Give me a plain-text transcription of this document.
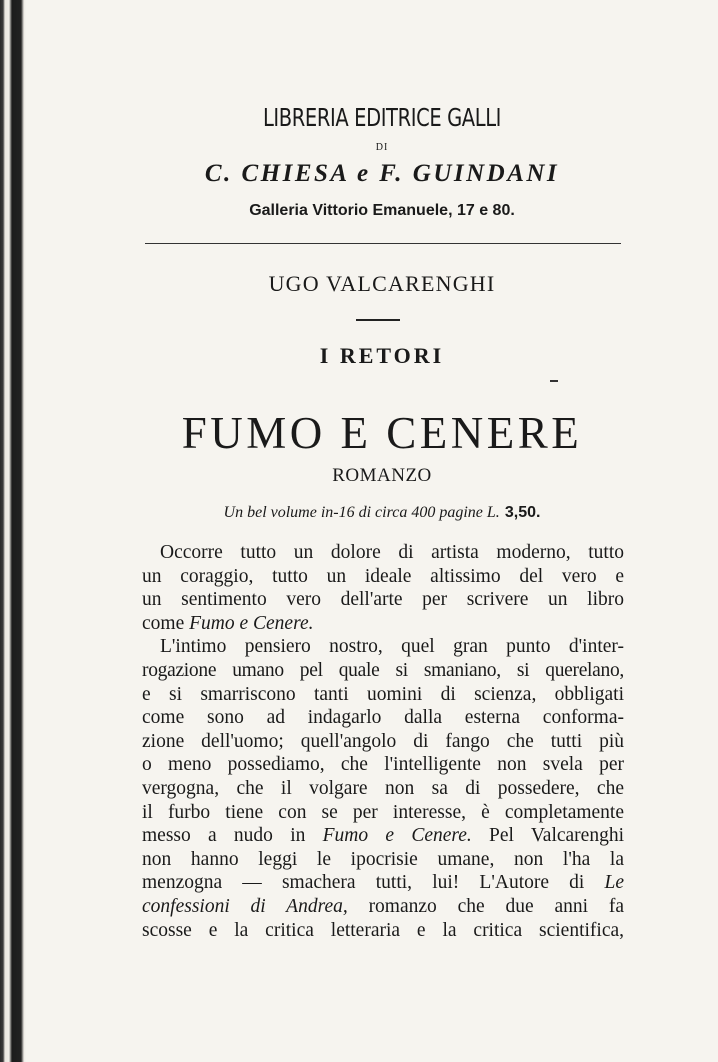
LIBRERIA EDITRICE GALLI
DI
C. CHIESA e F. GUINDANI
Galleria Vittorio Emanuele, 17 e 80.
UGO VALCARENGHI
I RETORI
FUMO E CENERE
ROMANZO
Un bel volume in-16 di circa 400 pagine L. 3,50.
Occorre tutto un dolore di artista moderno, tutto
un coraggio, tutto un ideale altissimo del vero e
un sentimento vero dell'arte per scrivere un libro
come Fumo e Cenere.
L'intimo pensiero nostro, quel gran punto d'inter-
rogazione umano pel quale si smaniano, si querelano,
e si smarriscono tanti uomini di scienza, obbligati
come sono ad indagarlo dalla esterna conforma-
zione dell'uomo; quell'angolo di fango che tutti più
o meno possediamo, che l'intelligente non svela per
vergogna, che il volgare non sa di possedere, che
il furbo tiene con se per interesse, è completamente
messo a nudo in Fumo e Cenere. Pel Valcarenghi
non hanno leggi le ipocrisie umane, non l'ha la
menzogna — smachera tutti, lui! L'Autore di Le
confessioni di Andrea, romanzo che due anni fa
scosse e la critica letteraria e la critica scientifica,
